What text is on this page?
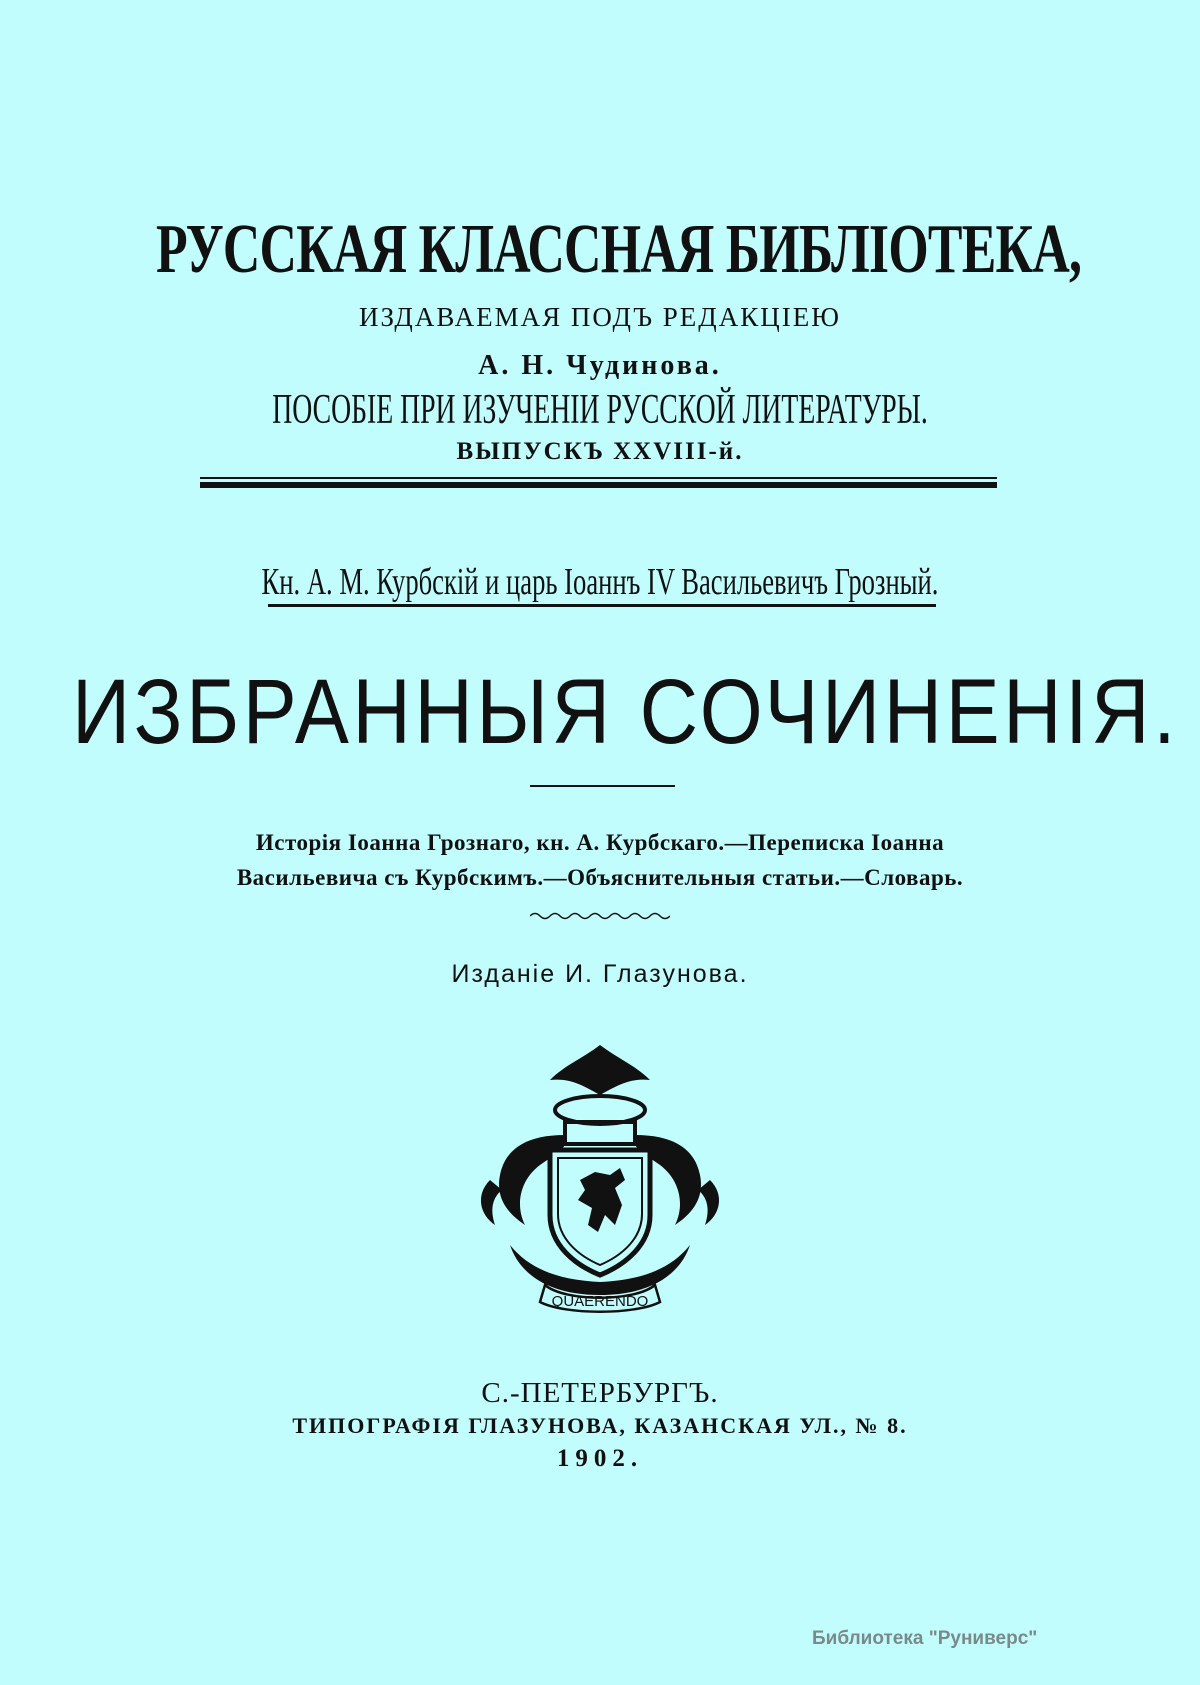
РУССКАЯ КЛАССНАЯ БИБЛІОТЕКА,
ИЗДАВАЕМАЯ ПОДЪ РЕДАКЦІЕЮ
А. Н. Чудинова.
ПОСОБІЕ ПРИ ИЗУЧЕНІИ РУССКОЙ ЛИТЕРАТУРЫ.
ВЫПУСКЪ XXVIII-й.
Кн. А. М. Курбскій и царь Іоаннъ IV Васильевичъ Грозный.
ИЗБРАННЫЯ СОЧИНЕНІЯ.
Исторія Іоанна Грознаго, кн. А. Курбскаго.—Переписка Іоанна
Васильевича съ Курбскимъ.—Объяснительныя статьи.—Словарь.
Изданіе И. Глазунова.
QUAERENDO
С.-ПЕТЕРБУРГЪ.
ТИПОГРАФІЯ ГЛАЗУНОВА, КАЗАНСКАЯ УЛ., № 8.
1902.
Библиотека "Руниверс"
